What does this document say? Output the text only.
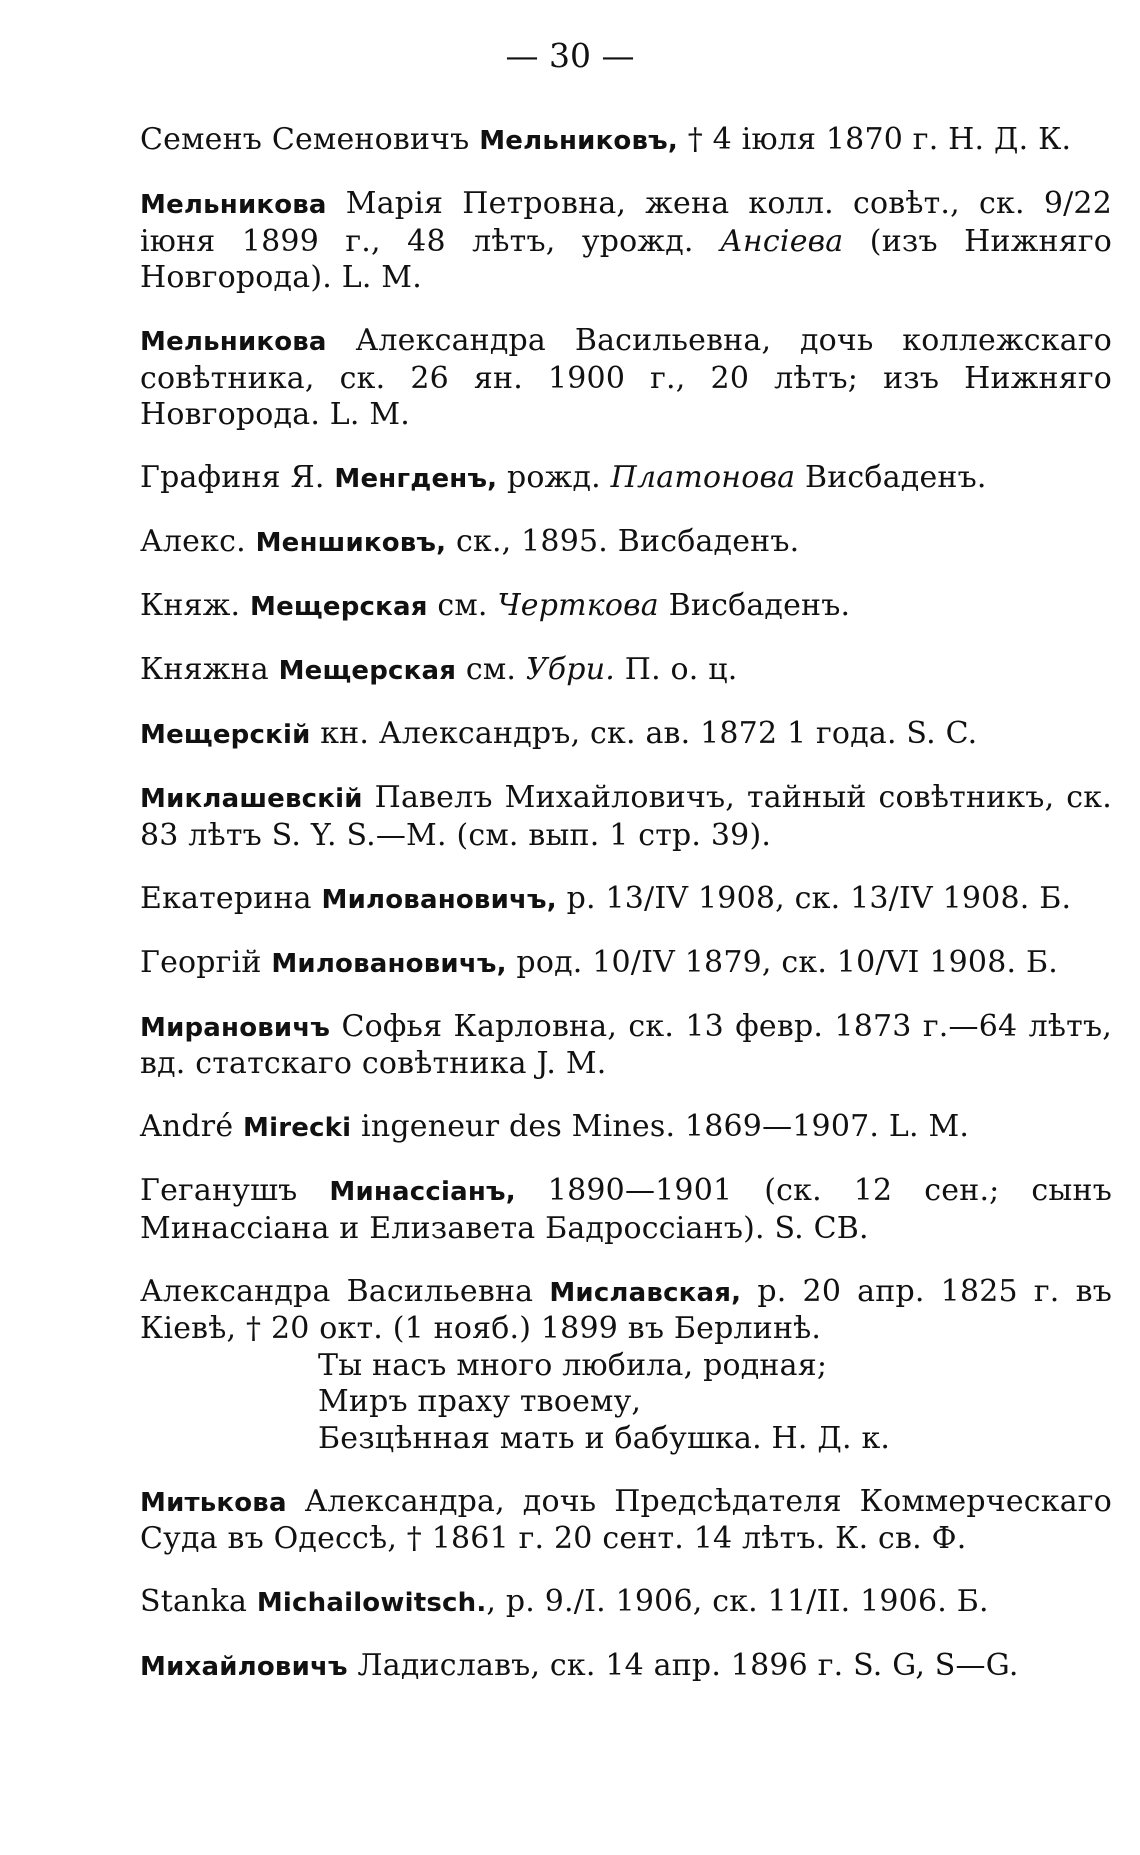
— 30 —

Семенъ Семеновичъ Мельниковъ, † 4 іюля 1870 г. Н. Д. К.

Мельникова Марія Петровна, жена колл. совѣт., ск. 9/22 іюня 1899 г., 48 лѣтъ, урожд. Ансіева (изъ Нижняго Новгорода). L. M.

Мельникова Александра Васильевна, дочь коллежскаго совѣтника, ск. 26 ян. 1900 г., 20 лѣтъ; изъ Нижняго Новгорода. L. M.

Графиня Я. Менгденъ, рожд. Платонова Висбаденъ.

Алекс. Меншиковъ, ск., 1895. Висбаденъ.

Княж. Мещерская см. Черткова Висбаденъ.

Княжна Мещерская см. Убри. П. о. ц.

Мещерскій кн. Александръ, ск. ав. 1872 1 года. S. C.

Миклашевскій Павелъ Михайловичъ, тайный совѣтникъ, ск. 83 лѣтъ S. Y. S.—M. (см. вып. 1 стр. 39).

Екатерина Миловановичъ, р. 13/IV 1908, ск. 13/IV 1908. Б.

Георгій Миловановичъ, род. 10/IV 1879, ск. 10/VI 1908. Б.

Мирановичъ Софья Карловна, ск. 13 февр. 1873 г.—64 лѣтъ, вд. статскаго совѣтника J. M.

André Mirecki ingeneur des Mines. 1869—1907. L. M.

Геганушъ Минассіанъ, 1890—1901 (ск. 12 сен.; сынъ Минассіана и Елизавета Бадроссіанъ). S. CB.

Александра Васильевна Миславская, р. 20 апр. 1825 г. въ Кіевѣ, † 20 окт. (1 нояб.) 1899 въ Берлинѣ.
Ты насъ много любила, родная;
Миръ праху твоему,
Безцѣнная мать и бабушка. Н. Д. к.

Митькова Александра, дочь Предсѣдателя Коммерческаго Суда въ Одессѣ, † 1861 г. 20 сент. 14 лѣтъ. К. св. Ф.

Stanka Michailowitsch., р. 9./I. 1906, ск. 11/II. 1906. Б.

Михайловичъ Ладиславъ, ск. 14 апр. 1896 г. S. G, S—G.
